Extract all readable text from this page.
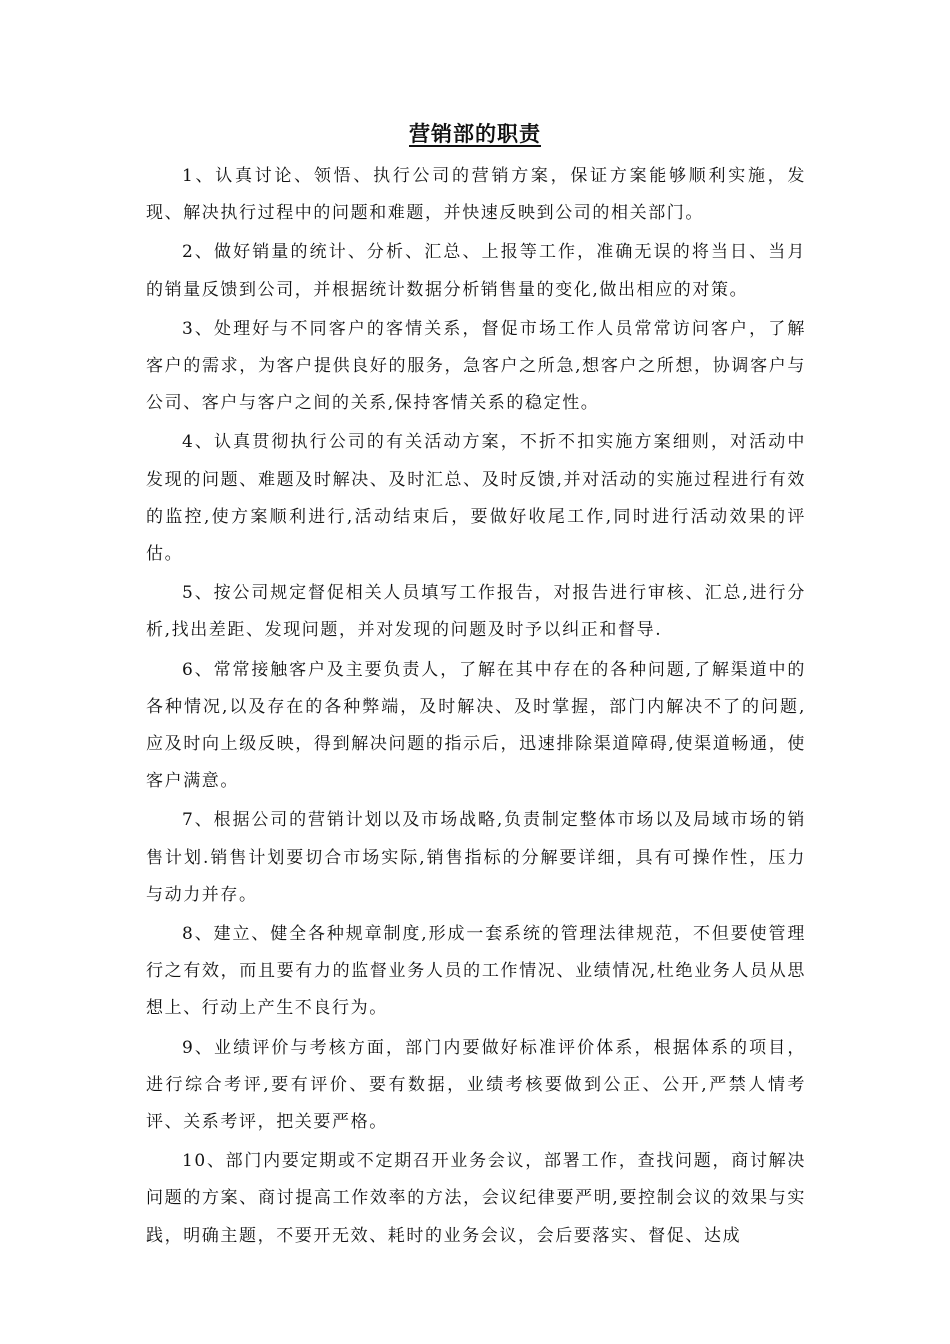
营销部的职责

1、认真讨论、领悟、执行公司的营销方案，保证方案能够顺利实施，发现、解决执行过程中的问题和难题，并快速反映到公司的相关部门。

2、做好销量的统计、分析、汇总、上报等工作，准确无误的将当日、当月的销量反馈到公司，并根据统计数据分析销售量的变化,做出相应的对策。

3、处理好与不同客户的客情关系，督促市场工作人员常常访问客户，了解客户的需求，为客户提供良好的服务，急客户之所急,想客户之所想，协调客户与公司、客户与客户之间的关系,保持客情关系的稳定性。

4、认真贯彻执行公司的有关活动方案，不折不扣实施方案细则，对活动中发现的问题、难题及时解决、及时汇总、及时反馈,并对活动的实施过程进行有效的监控,使方案顺利进行,活动结束后，要做好收尾工作,同时进行活动效果的评估。

5、按公司规定督促相关人员填写工作报告，对报告进行审核、汇总,进行分析,找出差距、发现问题，并对发现的问题及时予以纠正和督导.

6、常常接触客户及主要负责人，了解在其中存在的各种问题,了解渠道中的各种情况,以及存在的各种弊端，及时解决、及时掌握，部门内解决不了的问题,应及时向上级反映，得到解决问题的指示后，迅速排除渠道障碍,使渠道畅通，使客户满意。

7、根据公司的营销计划以及市场战略,负责制定整体市场以及局域市场的销售计划.销售计划要切合市场实际,销售指标的分解要详细，具有可操作性，压力与动力并存。

8、建立、健全各种规章制度,形成一套系统的管理法律规范，不但要使管理行之有效，而且要有力的监督业务人员的工作情况、业绩情况,杜绝业务人员从思想上、行动上产生不良行为。

9、业绩评价与考核方面，部门内要做好标准评价体系，根据体系的项目，进行综合考评,要有评价、要有数据，业绩考核要做到公正、公开,严禁人情考评、关系考评，把关要严格。

10、部门内要定期或不定期召开业务会议，部署工作，查找问题，商讨解决问题的方案、商讨提高工作效率的方法，会议纪律要严明,要控制会议的效果与实践，明确主题，不要开无效、耗时的业务会议，会后要落实、督促、达成
